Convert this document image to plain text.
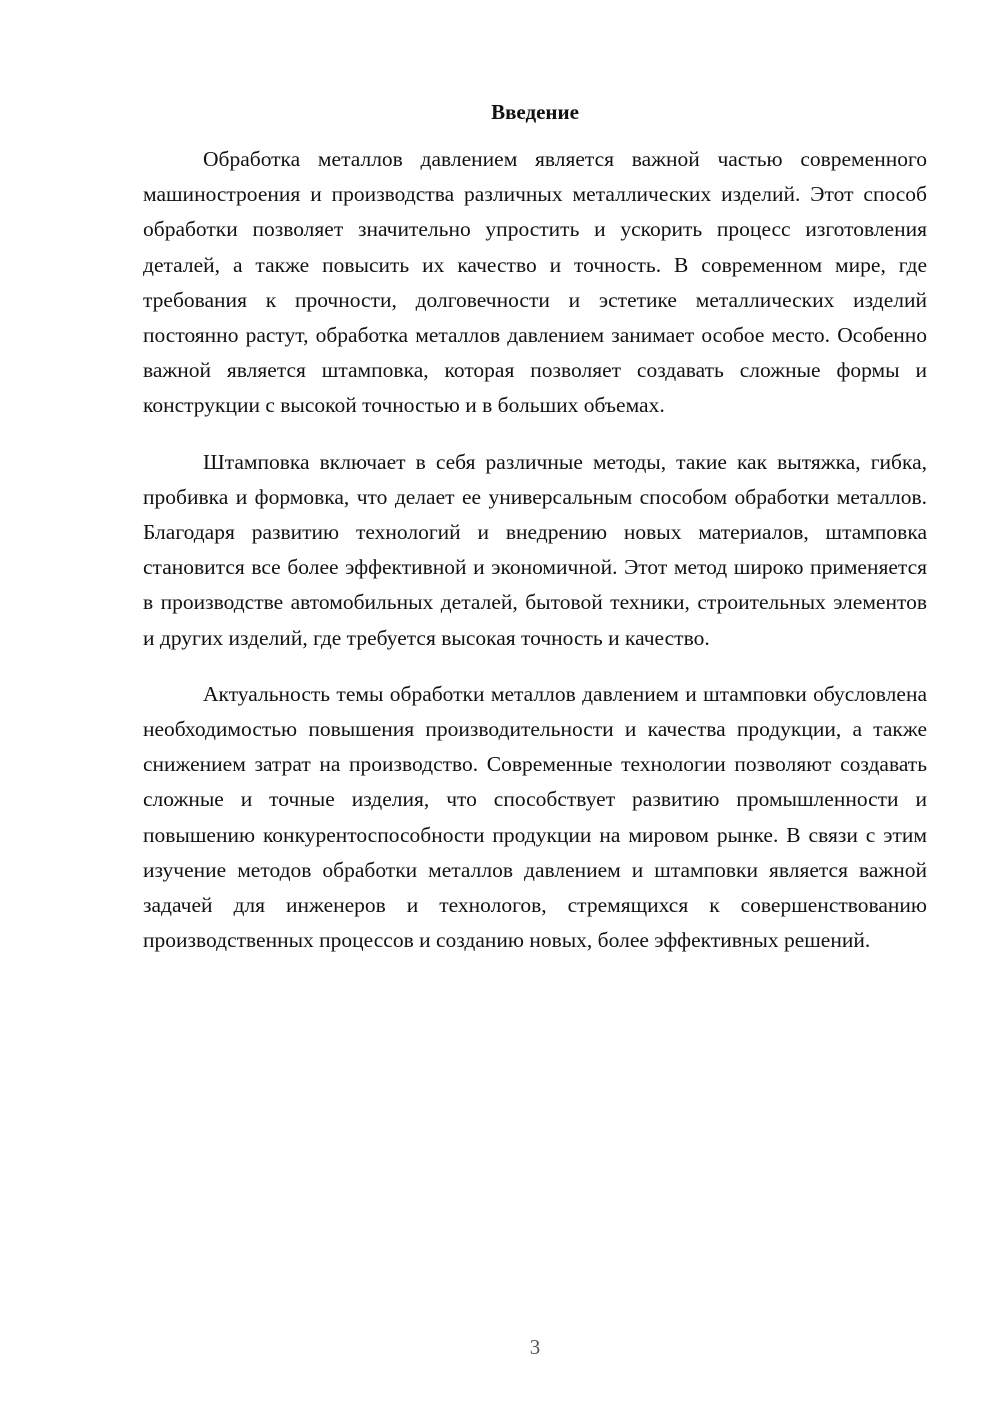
Введение

Обработка металлов давлением является важной частью современного машиностроения и производства различных металлических изделий. Этот способ обработки позволяет значительно упростить и ускорить процесс изготовления деталей, а также повысить их качество и точность. В современном мире, где требования к прочности, долговечности и эстетике металлических изделий постоянно растут, обработка металлов давлением занимает особое место. Особенно важной является штамповка, которая позволяет создавать сложные формы и конструкции с высокой точностью и в больших объемах.

Штамповка включает в себя различные методы, такие как вытяжка, гибка, пробивка и формовка, что делает ее универсальным способом обработки металлов. Благодаря развитию технологий и внедрению новых материалов, штамповка становится все более эффективной и экономичной. Этот метод широко применяется в производстве автомобильных деталей, бытовой техники, строительных элементов и других изделий, где требуется высокая точность и качество.

Актуальность темы обработки металлов давлением и штамповки обусловлена необходимостью повышения производительности и качества продукции, а также снижением затрат на производство. Современные технологии позволяют создавать сложные и точные изделия, что способствует развитию промышленности и повышению конкурентоспособности продукции на мировом рынке. В связи с этим изучение методов обработки металлов давлением и штамповки является важной задачей для инженеров и технологов, стремящихся к совершенствованию производственных процессов и созданию новых, более эффективных решений.

3
